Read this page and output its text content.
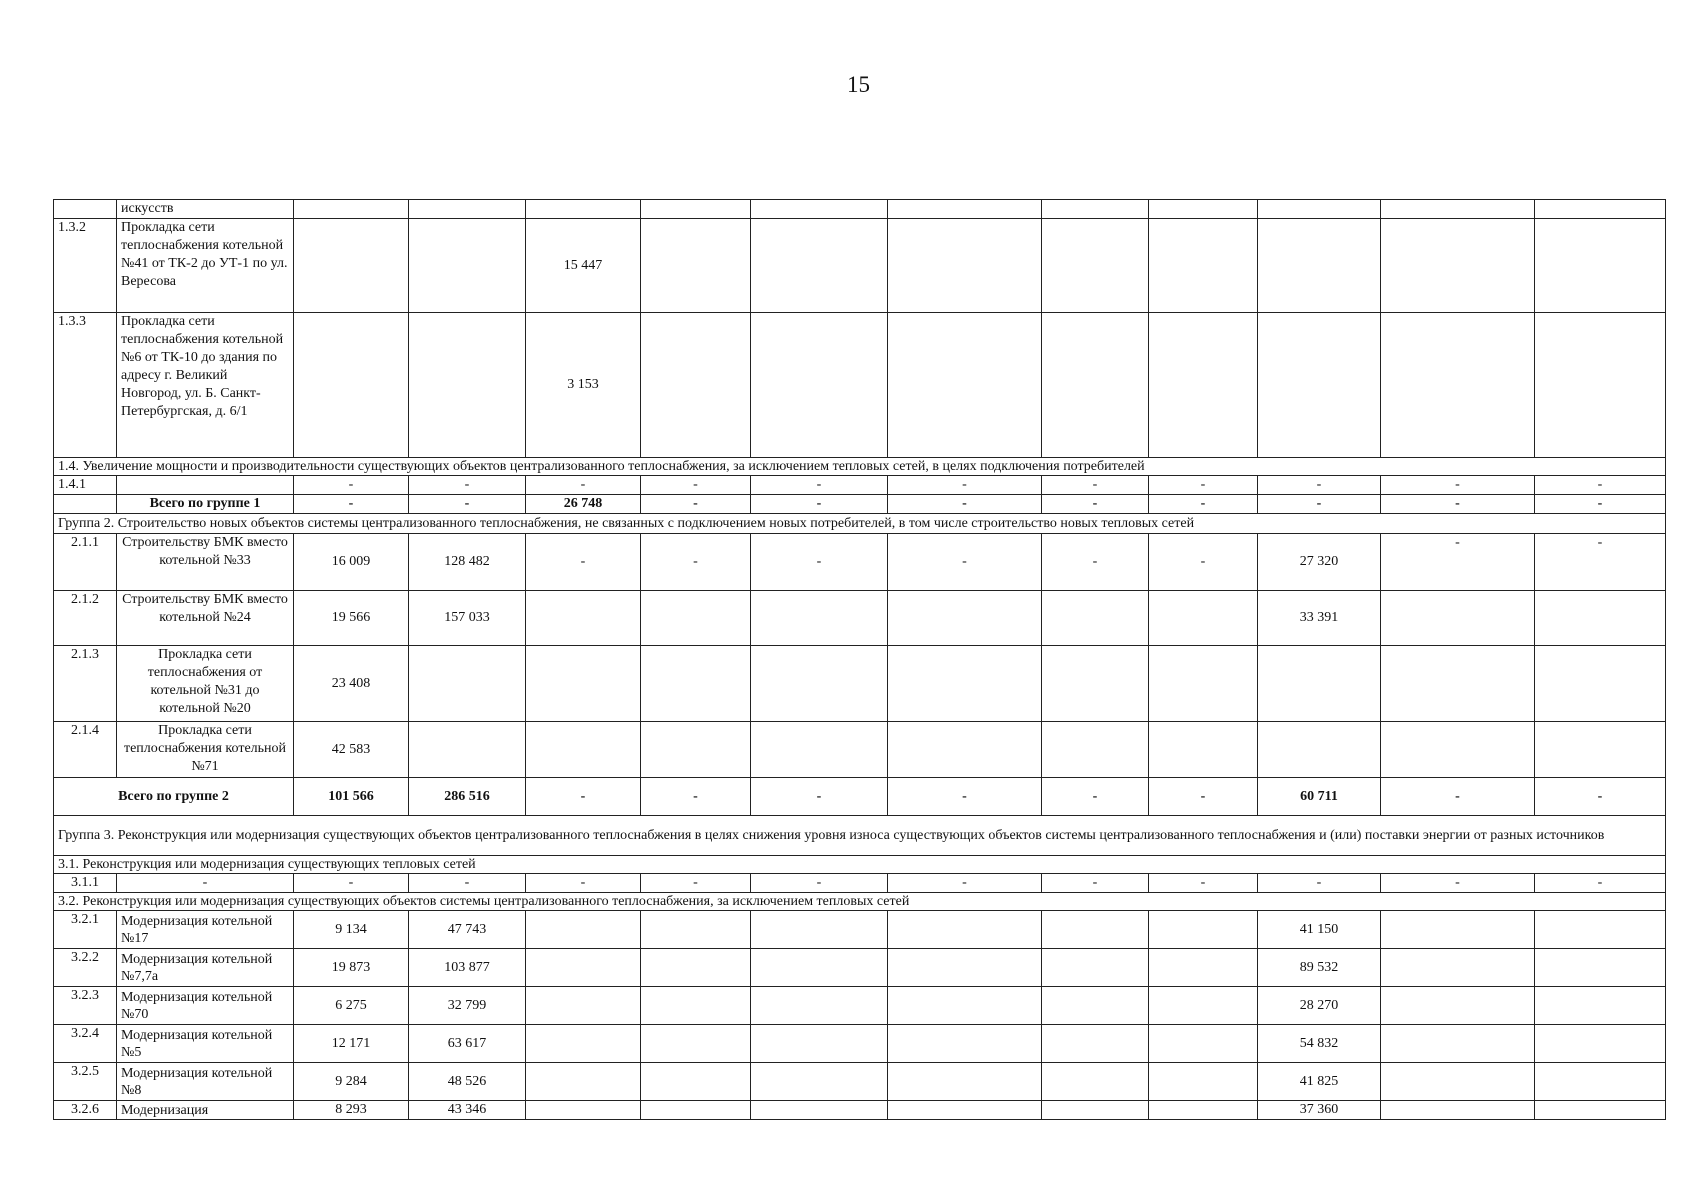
15
	искусств												
1.3.2	Прокладка сети теплоснабжения котельной №41 от ТК-2 до УТ-1 по ул. Вересова			15 447									
1.3.3	Прокладка сети теплоснабжения котельной №6 от ТК-10 до здания по адресу г. Великий Новгород, ул. Б. Санкт-Петербургская, д. 6/1			3 153									
1.4. Увеличение мощности и производительности существующих объектов централизованного теплоснабжения, за исключением тепловых сетей, в целях подключения потребителей													
1.4.1		-	-	-	-	-	-	-	-	-	-	-	
	Всего по группе 1	-	-	26 748	-	-	-	-	-	-	-	-	
Группа 2. Строительство новых объектов системы централизованного теплоснабжения, не связанных с подключением новых потребителей, в том числе строительство новых тепловых сетей													
2.1.1	Строительству БМК вместо котельной №33	16 009	128 482	-	-	-	-	-	-	27 320	-	-	
2.1.2	Строительству БМК вместо котельной №24	19 566	157 033							33 391			
2.1.3	Прокладка сети теплоснабжения от котельной №31 до котельной №20	23 408											
2.1.4	Прокладка сети теплоснабжения котельной №71	42 583											
Всего по группе 2		101 566	286 516	-	-	-	-	-	-	60 711	-	-	
Группа 3. Реконструкция или модернизация существующих объектов централизованного теплоснабжения в целях снижения уровня износа существующих объектов системы централизованного теплоснабжения и (или) поставки энергии от разных источников													
3.1. Реконструкция или модернизация существующих тепловых сетей													
3.1.1	-	-	-	-	-	-	-	-	-	-	-	-	
3.2. Реконструкция или модернизация существующих объектов системы централизованного теплоснабжения, за исключением тепловых сетей													
3.2.1	Модернизация котельной №17	9 134	47 743							41 150			
3.2.2	Модернизация котельной №7,7а	19 873	103 877							89 532			
3.2.3	Модернизация котельной №70	6 275	32 799							28 270			
3.2.4	Модернизация котельной №5	12 171	63 617							54 832			
3.2.5	Модернизация котельной №8	9 284	48 526							41 825			
3.2.6	Модернизация	8 293	43 346							37 360			
